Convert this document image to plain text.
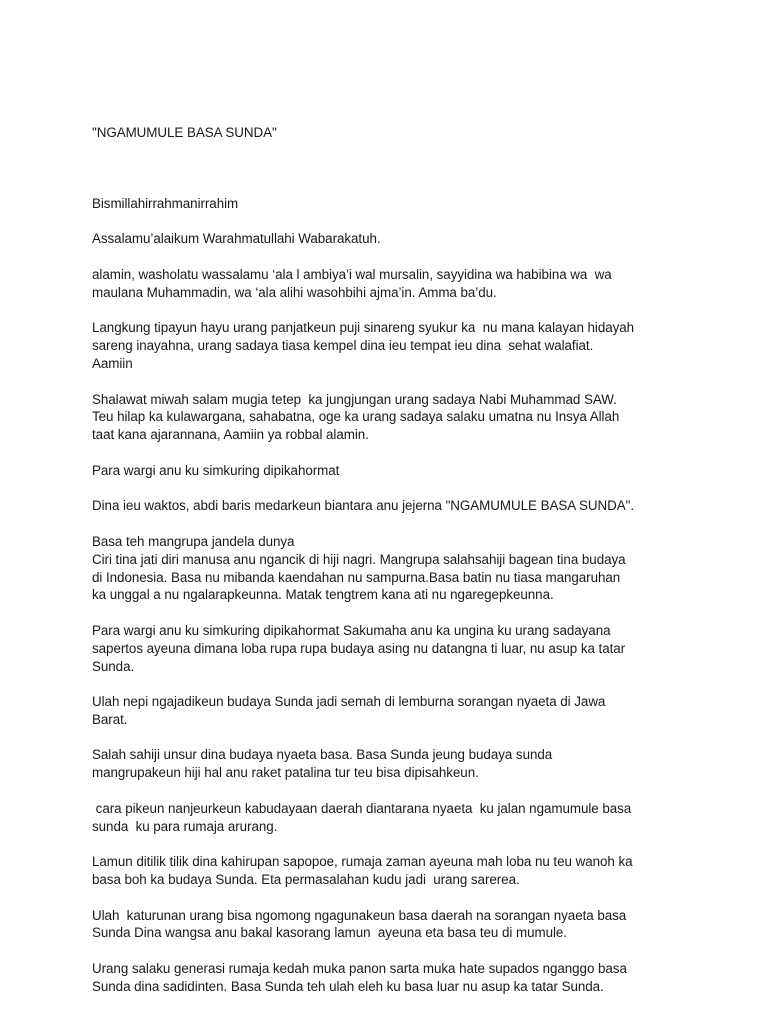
"NGAMUMULE BASA SUNDA"

Bismillahirrahmanirrahim

Assalamu’alaikum Warahmatullahi Wabarakatuh.

alamin, washolatu wassalamu ‘ala l ambiya’i wal mursalin, sayyidina wa habibina wa  wa
maulana Muhammadin, wa ‘ala alihi wasohbihi ajma’in. Amma ba’du.

Langkung tipayun hayu urang panjatkeun puji sinareng syukur ka  nu mana kalayan hidayah
sareng inayahna, urang sadaya tiasa kempel dina ieu tempat ieu dina  sehat walafiat.
Aamiin

Shalawat miwah salam mugia tetep  ka jungjungan urang sadaya Nabi Muhammad SAW.
Teu hilap ka kulawargana, sahabatna, oge ka urang sadaya salaku umatna nu Insya Allah
taat kana ajarannana, Aamiin ya robbal alamin.

Para wargi anu ku simkuring dipikahormat

Dina ieu waktos, abdi baris medarkeun biantara anu jejerna "NGAMUMULE BASA SUNDA".

Basa teh mangrupa jandela dunya
Ciri tina jati diri manusa anu ngancik di hiji nagri. Mangrupa salahsahiji bagean tina budaya
di Indonesia. Basa nu mibanda kaendahan nu sampurna.Basa batin nu tiasa mangaruhan
ka unggal a nu ngalarapkeunna. Matak tengtrem kana ati nu ngaregepkeunna.

Para wargi anu ku simkuring dipikahormat Sakumaha anu ka ungina ku urang sadayana
sapertos ayeuna dimana loba rupa rupa budaya asing nu datangna ti luar, nu asup ka tatar
Sunda.

Ulah nepi ngajadikeun budaya Sunda jadi semah di lemburna sorangan nyaeta di Jawa
Barat.

Salah sahiji unsur dina budaya nyaeta basa. Basa Sunda jeung budaya sunda
mangrupakeun hiji hal anu raket patalina tur teu bisa dipisahkeun.

cara pikeun nanjeurkeun kabudayaan daerah diantarana nyaeta  ku jalan ngamumule basa
sunda  ku para rumaja arurang.

Lamun ditilik tilik dina kahirupan sapopoe, rumaja zaman ayeuna mah loba nu teu wanoh ka
basa boh ka budaya Sunda. Eta permasalahan kudu jadi  urang sarerea.

Ulah  katurunan urang bisa ngomong ngagunakeun basa daerah na sorangan nyaeta basa
Sunda Dina wangsa anu bakal kasorang lamun  ayeuna eta basa teu di mumule.

Urang salaku generasi rumaja kedah muka panon sarta muka hate supados nganggo basa
Sunda dina sadidinten. Basa Sunda teh ulah eleh ku basa luar nu asup ka tatar Sunda.
